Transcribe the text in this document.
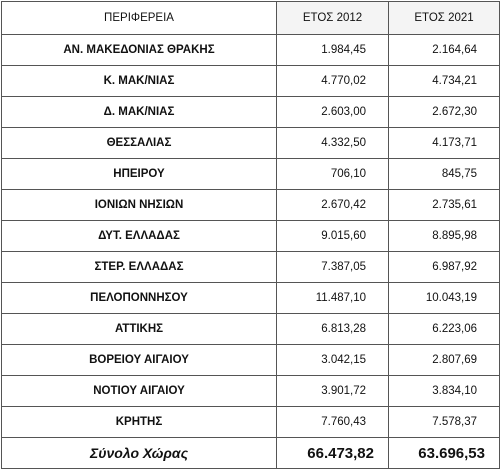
ΠΕΡΙΦΕΡΕΙΑ	ΕΤΟΣ 2012	ΕΤΟΣ 2021
ΑΝ. ΜΑΚΕΔΟΝΙΑΣ ΘΡΑΚΗΣ	1.984,45	2.164,64
Κ. ΜΑΚ/ΝΙΑΣ	4.770,02	4.734,21
Δ. ΜΑΚ/ΝΙΑΣ	2.603,00	2.672,30
ΘΕΣΣΑΛΙΑΣ	4.332,50	4.173,71
ΗΠΕΙΡΟΥ	706,10	845,75
ΙΟΝΙΩΝ ΝΗΣΙΩΝ	2.670,42	2.735,61
ΔΥΤ. ΕΛΛΑΔΑΣ	9.015,60	8.895,98
ΣΤΕΡ. ΕΛΛΑΔΑΣ	7.387,05	6.987,92
ΠΕΛΟΠΟΝΝΗΣΟΥ	11.487,10	10.043,19
ΑΤΤΙΚΗΣ	6.813,28	6.223,06
ΒΟΡΕΙΟΥ ΑΙΓΑΙΟΥ	3.042,15	2.807,69
ΝΟΤΙΟΥ ΑΙΓΑΙΟΥ	3.901,72	3.834,10
ΚΡΗΤΗΣ	7.760,43	7.578,37
Σύνολο Χώρας	66.473,82	63.696,53
